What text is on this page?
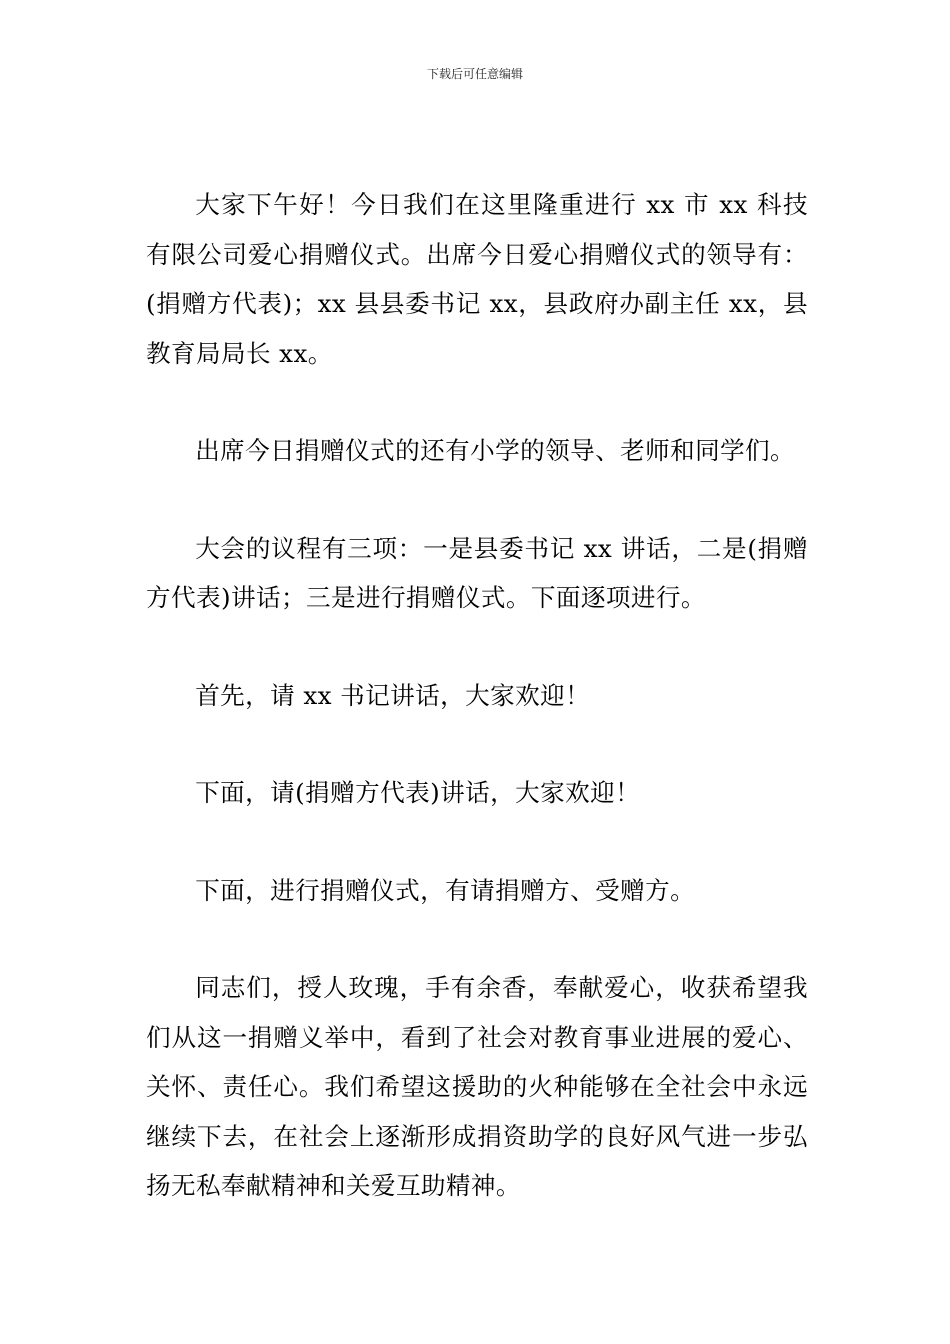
下载后可任意编辑

大家下午好！今日我们在这里隆重进行 xx 市 xx 科技有限公司爱心捐赠仪式。出席今日爱心捐赠仪式的领导有：(捐赠方代表)；xx 县县委书记 xx，县政府办副主任 xx，县教育局局长 xx。

出席今日捐赠仪式的还有小学的领导、老师和同学们。

大会的议程有三项：一是县委书记 xx 讲话，二是(捐赠方代表)讲话；三是进行捐赠仪式。下面逐项进行。

首先，请 xx 书记讲话，大家欢迎！

下面，请(捐赠方代表)讲话，大家欢迎！

下面，进行捐赠仪式，有请捐赠方、受赠方。

同志们，授人玫瑰，手有余香，奉献爱心，收获希望我们从这一捐赠义举中，看到了社会对教育事业进展的爱心、关怀、责任心。我们希望这援助的火种能够在全社会中永远继续下去，在社会上逐渐形成捐资助学的良好风气进一步弘扬无私奉献精神和关爱互助精神。
